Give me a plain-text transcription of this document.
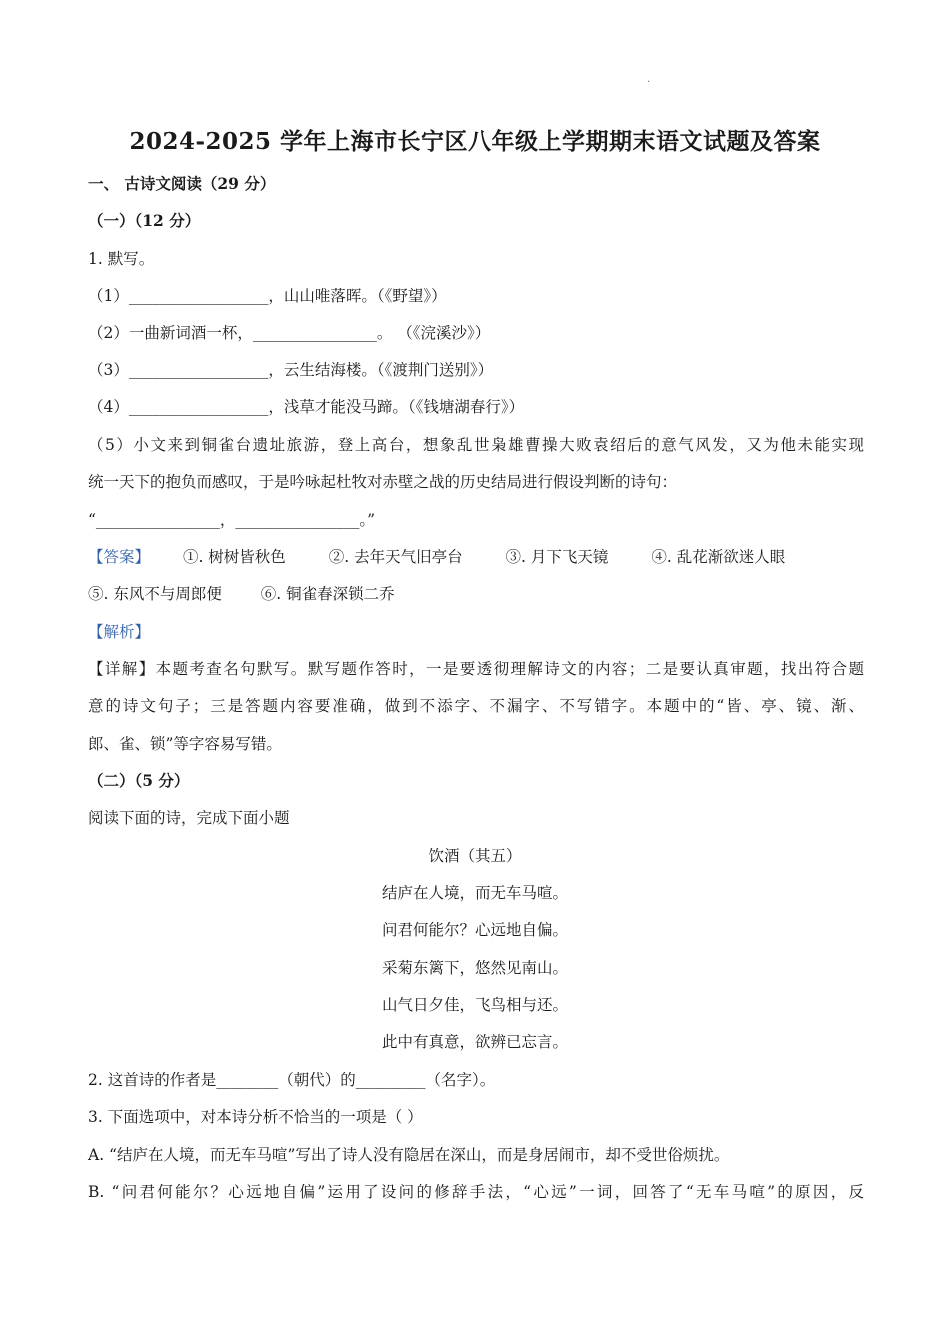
.
2024-2025 学年上海市长宁区八年级上学期期末语文试题及答案
一、 古诗文阅读（29 分）
（一）（12 分）
1. 默写。
（1）__________________，山山唯落晖。（《野望》）
（2）一曲新词酒一杯，________________。 （《浣溪沙》）
（3）__________________，云生结海楼。（《渡荆门送别》）
（4）__________________，浅草才能没马蹄。（《钱塘湖春行》）
（5）小文来到铜雀台遗址旅游，登上高台，想象乱世枭雄曹操大败袁绍后的意气风发，又为他未能实现
统一天下的抱负而感叹，于是吟咏起杜牧对赤壁之战的历史结局进行假设判断的诗句：
“________________，________________。”
【答案】 ①. 树树皆秋色	②. 去年天气旧亭台	③. 月下飞天镜	④. 乱花渐欲迷人眼
⑤. 东风不与周郎便	⑥. 铜雀春深锁二乔
【解析】
【详解】本题考查名句默写。默写题作答时，一是要透彻理解诗文的内容；二是要认真审题，找出符合题
意的诗文句子；三是答题内容要准确，做到不添字、不漏字、不写错字。本题中的“皆、亭、镜、渐、
郎、雀、锁”等字容易写错。
（二）（5 分）
阅读下面的诗，完成下面小题
饮酒（其五）
结庐在人境，而无车马喧。
问君何能尔？心远地自偏。
采菊东篱下，悠然见南山。
山气日夕佳，飞鸟相与还。
此中有真意，欲辨已忘言。
2. 这首诗的作者是________（朝代）的_________（名字）。
3. 下面选项中，对本诗分析不恰当的一项是（ ）
A. “结庐在人境，而无车马喧”写出了诗人没有隐居在深山，而是身居闹市，却不受世俗烦扰。
B. “问君何能尔？心远地自偏”运用了设问的修辞手法，“心远”一词，回答了“无车马喧”的原因，反
